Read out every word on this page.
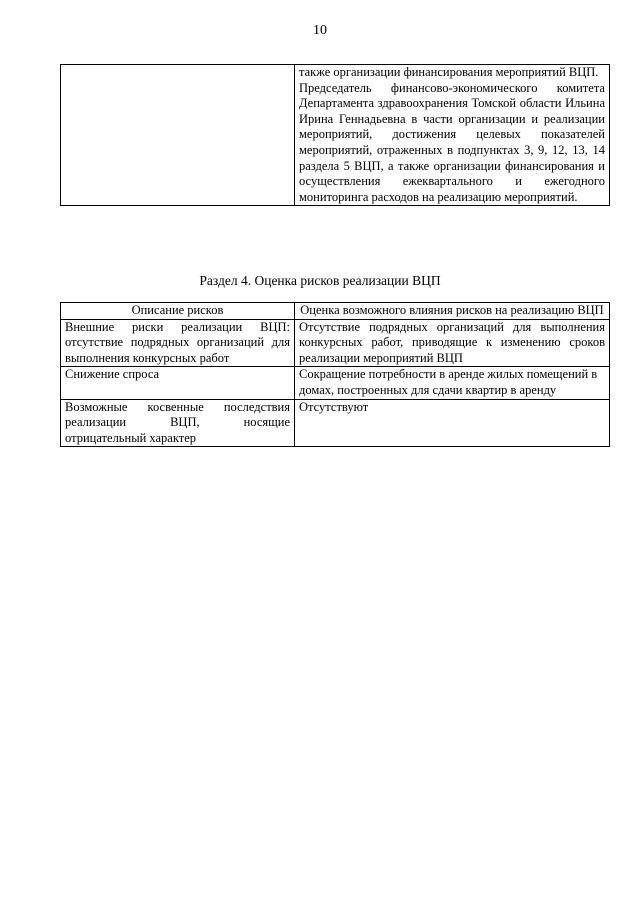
10

также организации финансирования мероприятий ВЦП.

Председатель финансово-экономического комитета Департамента здравоохранения Томской области Ильина Ирина Геннадьевна в части организации и реализации мероприятий, достижения целевых показателей мероприятий, отраженных в подпунктах 3, 9, 12, 13, 14 раздела 5 ВЦП, а также организации финансирования и осуществления ежеквартального и ежегодного мониторинга расходов на реализацию мероприятий.

Раздел 4. Оценка рисков реализации ВЦП
Описание рисков	Оценка возможного влияния рисков на реализацию ВЦП
Внешние риски реализации ВЦП: отсутствие подрядных организаций для выполнения конкурсных работ	Отсутствие подрядных организаций для выполнения конкурсных работ, приводящие к изменению сроков реализации мероприятий ВЦП
Снижение спроса	Сокращение потребности в аренде жилых помещений в домах, построенных для сдачи квартир в аренду
Возможные косвенные последствия реализации ВЦП, носящие отрицательный характер	Отсутствуют
